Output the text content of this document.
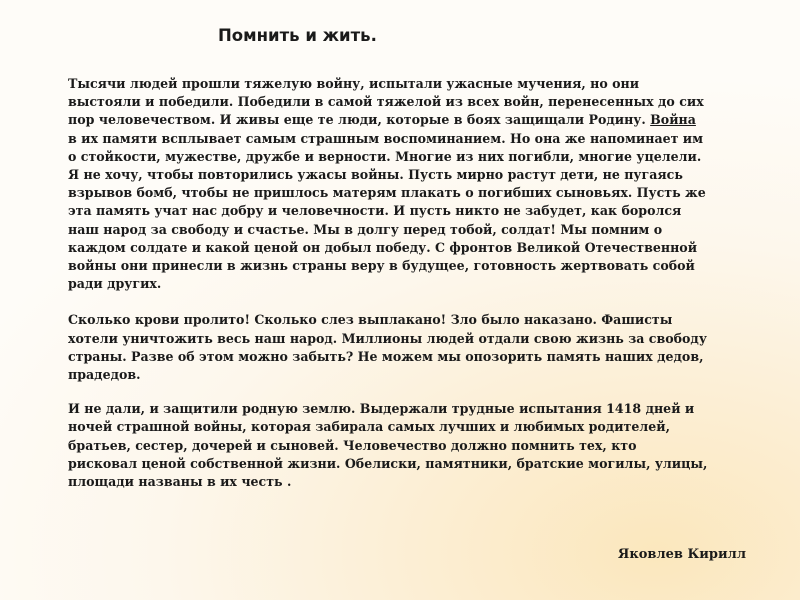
Помнить и жить.

Тысячи людей прошли тяжелую войну, испытали ужасные мучения, но они выстояли и победили. Победили в самой тяжелой из всех войн, перенесенных до сих пор человечеством. И живы еще те люди, которые в боях защищали Родину. Война в их памяти всплывает самым страшным воспоминанием. Но она же напоминает им о стойкости, мужестве, дружбе и верности. Многие из них погибли, многие уцелели.

Я не хочу, чтобы повторились ужасы войны. Пусть мирно растут дети, не пугаясь взрывов бомб, чтобы не пришлось матерям плакать о погибших сыновьях. Пусть же эта память учат нас добру и человечности. И пусть никто не забудет, как боролся наш народ за свободу и счастье. Мы в долгу перед тобой, солдат! Мы помним о каждом солдате и какой ценой он добыл победу. С фронтов Великой Отечественной войны они принесли в жизнь страны веру в будущее, готовность жертвовать собой ради других.

Сколько крови пролито! Сколько слез выплакано! Зло было наказано. Фашисты хотели уничтожить весь наш народ. Миллионы людей отдали свою жизнь за свободу страны. Разве об этом можно забыть? Не можем мы опозорить память наших дедов, прадедов.

И не дали, и защитили родную землю. Выдержали трудные испытания 1418 дней и ночей страшной войны, которая забирала самых лучших и любимых родителей, братьев, сестер, дочерей и сыновей. Человечество должно помнить тех, кто рисковал ценой собственной жизни. Обелиски, памятники, братские могилы, улицы, площади названы в их честь .

Яковлев Кирилл
